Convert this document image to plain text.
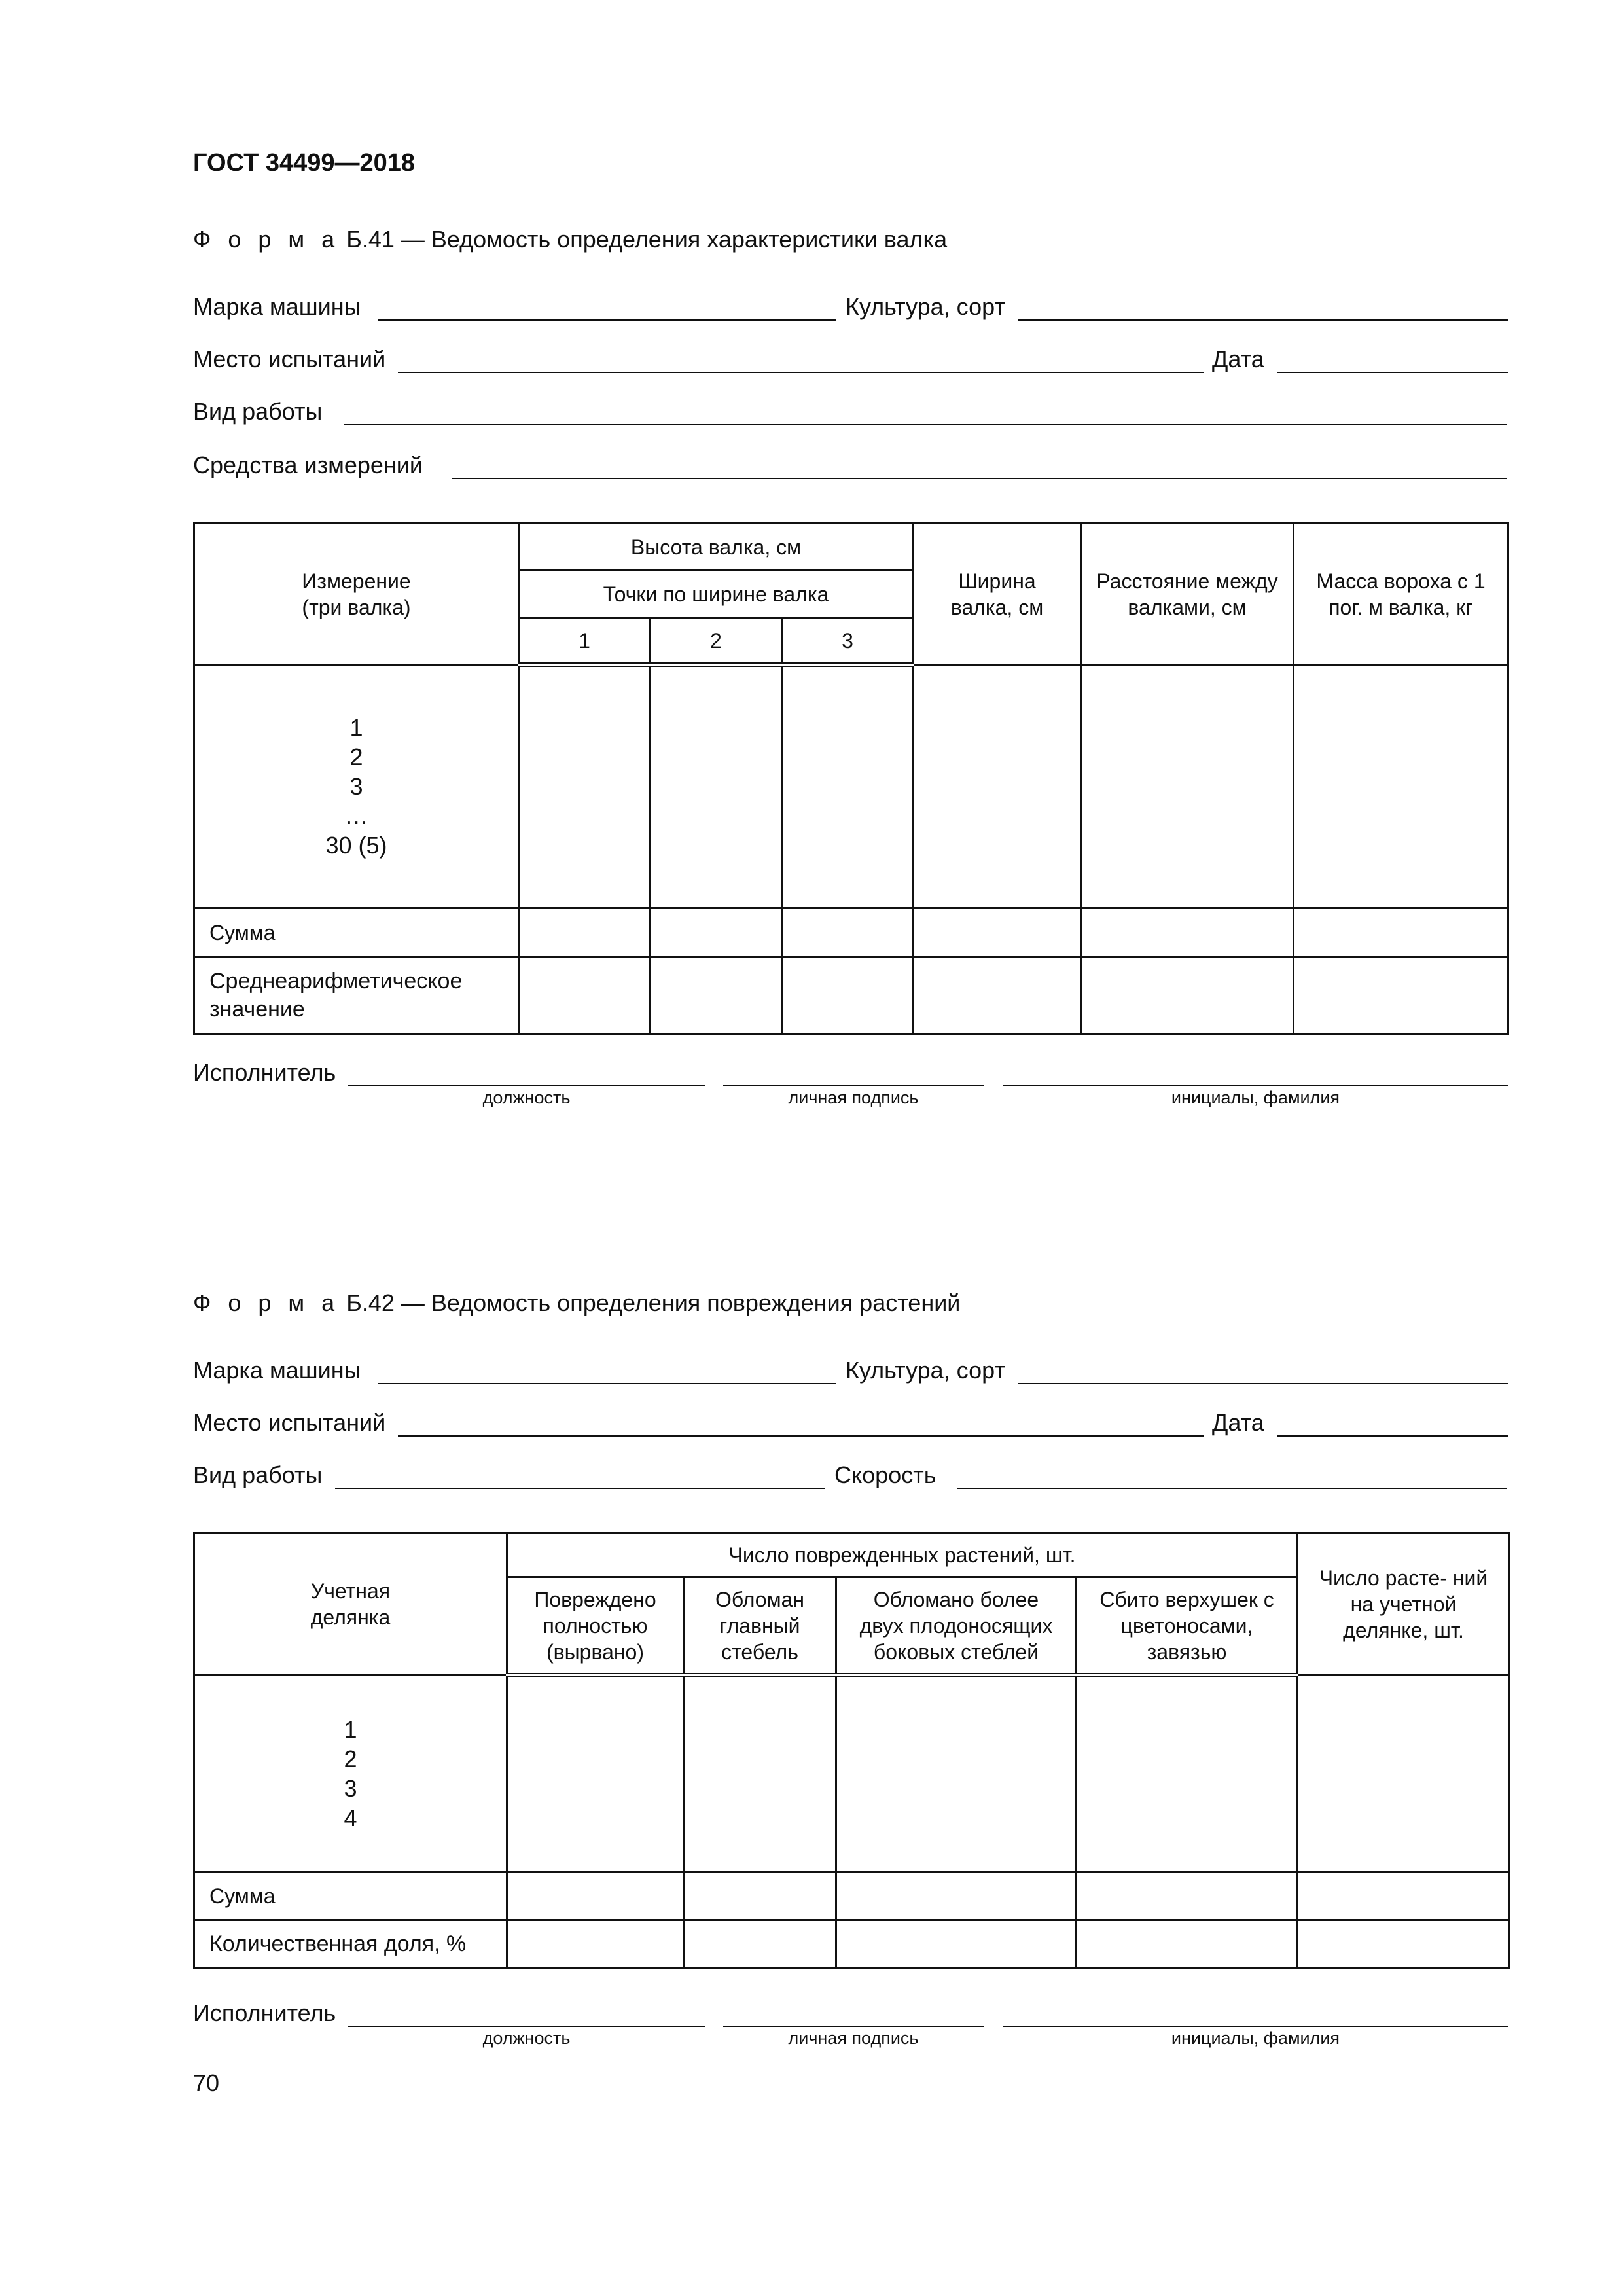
ГОСТ 34499—2018
Ф о р м а Б.41 — Ведомость определения характеристики валка
Марка машины	Культура, сорт
Место испытаний	Дата
Вид работы
Средства измерений
Измерение (три валка)	Высота валка, см			Ширина валка, см	Расстояние между валками, см	Масса вороха с 1 пог. м валка, кг

	Точки по ширине валка					
	1	2	3			

1
2
3
…
30 (5)						

Сумма						
Среднеарифметическое значение						
Исполнитель
должность	личная подпись	инициалы, фамилия
Ф о р м а Б.42 — Ведомость определения повреждения растений
Марка машины	Культура, сорт
Место испытаний	Дата
Вид работы	Скорость
Учетная делянка	Число поврежденных растений, шт.				Число расте- ний на учетной делянке, шт.

	Повреждено полностью (вырвано)	Обломан главный стебель	Обломано более двух плодоносящих боковых стеблей	Сбито верхушек с цветоносами, завязью	

1
2
3
4					

Сумма					
Количественная доля, %					
Исполнитель
должность	личная подпись	инициалы, фамилия
70
